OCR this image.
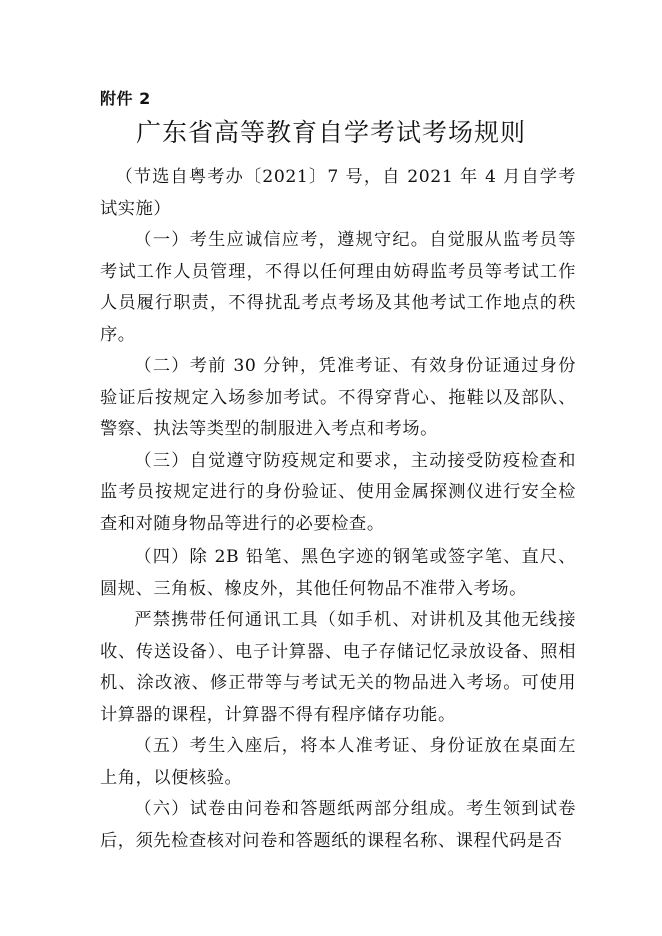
附件 2
广东省高等教育自学考试考场规则

（节选自粤考办〔2021〕7 号，自 2021 年 4 月自学考试实施）

（一）考生应诚信应考，遵规守纪。自觉服从监考员等考试工作人员管理，不得以任何理由妨碍监考员等考试工作人员履行职责，不得扰乱考点考场及其他考试工作地点的秩序。

（二）考前 30 分钟，凭准考证、有效身份证通过身份验证后按规定入场参加考试。不得穿背心、拖鞋以及部队、警察、执法等类型的制服进入考点和考场。

（三）自觉遵守防疫规定和要求，主动接受防疫检查和监考员按规定进行的身份验证、使用金属探测仪进行安全检查和对随身物品等进行的必要检查。

（四）除 2B 铅笔、黑色字迹的钢笔或签字笔、直尺、圆规、三角板、橡皮外，其他任何物品不准带入考场。

严禁携带任何通讯工具（如手机、对讲机及其他无线接收、传送设备）、电子计算器、电子存储记忆录放设备、照相机、涂改液、修正带等与考试无关的物品进入考场。可使用计算器的课程，计算器不得有程序储存功能。

（五）考生入座后，将本人准考证、身份证放在桌面左上角，以便核验。

（六）试卷由问卷和答题纸两部分组成。考生领到试卷后，须先检查核对问卷和答题纸的课程名称、课程代码是否
